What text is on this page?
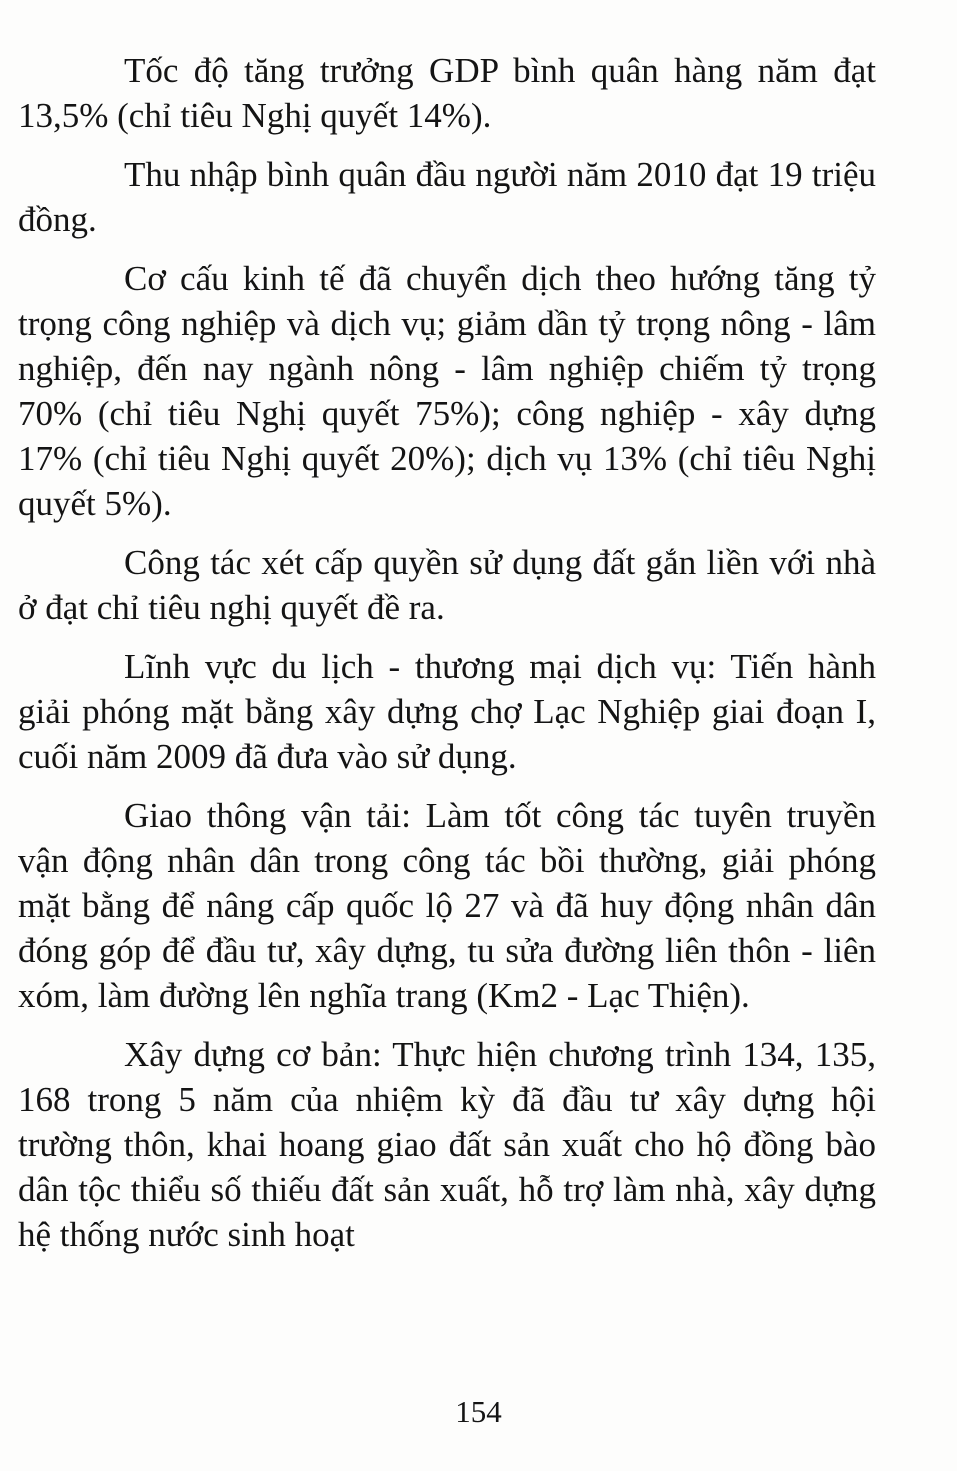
Tốc độ tăng trưởng GDP bình quân hàng năm đạt 13,5% (chỉ tiêu Nghị quyết 14%).

Thu nhập bình quân đầu người năm 2010 đạt 19 triệu đồng.

Cơ cấu kinh tế đã chuyển dịch theo hướng tăng tỷ trọng công nghiệp và dịch vụ; giảm dần tỷ trọng nông - lâm nghiệp, đến nay ngành nông - lâm nghiệp chiếm tỷ trọng 70% (chỉ tiêu Nghị quyết 75%); công nghiệp - xây dựng 17% (chỉ tiêu Nghị quyết 20%); dịch vụ 13% (chỉ tiêu Nghị quyết 5%).

Công tác xét cấp quyền sử dụng đất gắn liền với nhà ở đạt chỉ tiêu nghị quyết đề ra.

Lĩnh vực du lịch - thương mại dịch vụ: Tiến hành giải phóng mặt bằng xây dựng chợ Lạc Nghiệp giai đoạn I, cuối năm 2009 đã đưa vào sử dụng.

Giao thông vận tải: Làm tốt công tác tuyên truyền vận động nhân dân trong công tác bồi thường, giải phóng mặt bằng để nâng cấp quốc lộ 27 và đã huy động nhân dân đóng góp để đầu tư, xây dựng, tu sửa đường liên thôn - liên xóm, làm đường lên nghĩa trang (Km2 - Lạc Thiện).

Xây dựng cơ bản: Thực hiện chương trình 134, 135, 168 trong 5 năm của nhiệm kỳ đã đầu tư xây dựng hội trường thôn, khai hoang giao đất sản xuất cho hộ đồng bào dân tộc thiểu số thiếu đất sản xuất, hỗ trợ làm nhà, xây dựng hệ thống nước sinh hoạt

154
